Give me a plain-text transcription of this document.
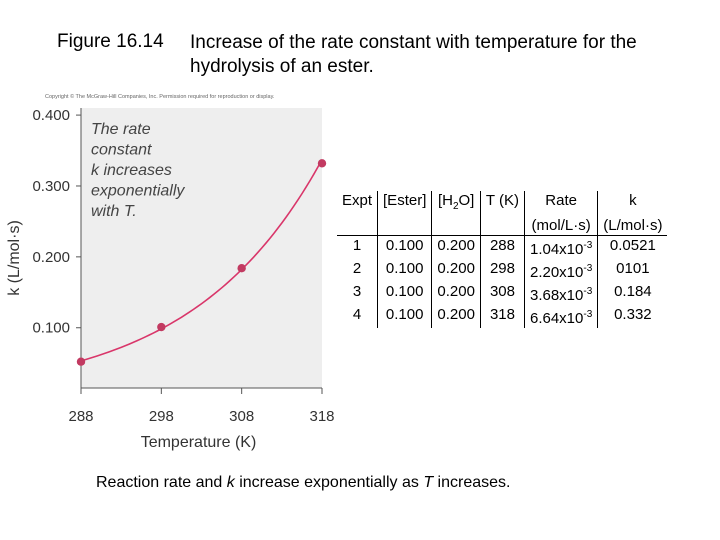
Figure 16.14 Increase of the rate constant with temperature for the hydrolysis of an ester.
Copyright © The McGraw-Hill Companies, Inc. Permission required for reproduction or display.
0.100
0.200
0.300
0.400
288	298	308	318
Temperature (K)
k (L/mol·s)
The rate
constant
k increases
exponentially
with T.
Expt	[Ester]	$[H_2O]$	T (K)	Rate	k
				(mol/L·s)	(L/mol·s)
1	0.100	0.200	288	$1.04x10^{-3}$	0.0521
2	0.100	0.200	298	$2.20x10^{-3}$	0101
3	0.100	0.200	308	$3.68x10^{-3}$	0.184
4	0.100	0.200	318	$6.64x10^{-3}$	0.332
Reaction rate and k increase exponentially as T increases.
